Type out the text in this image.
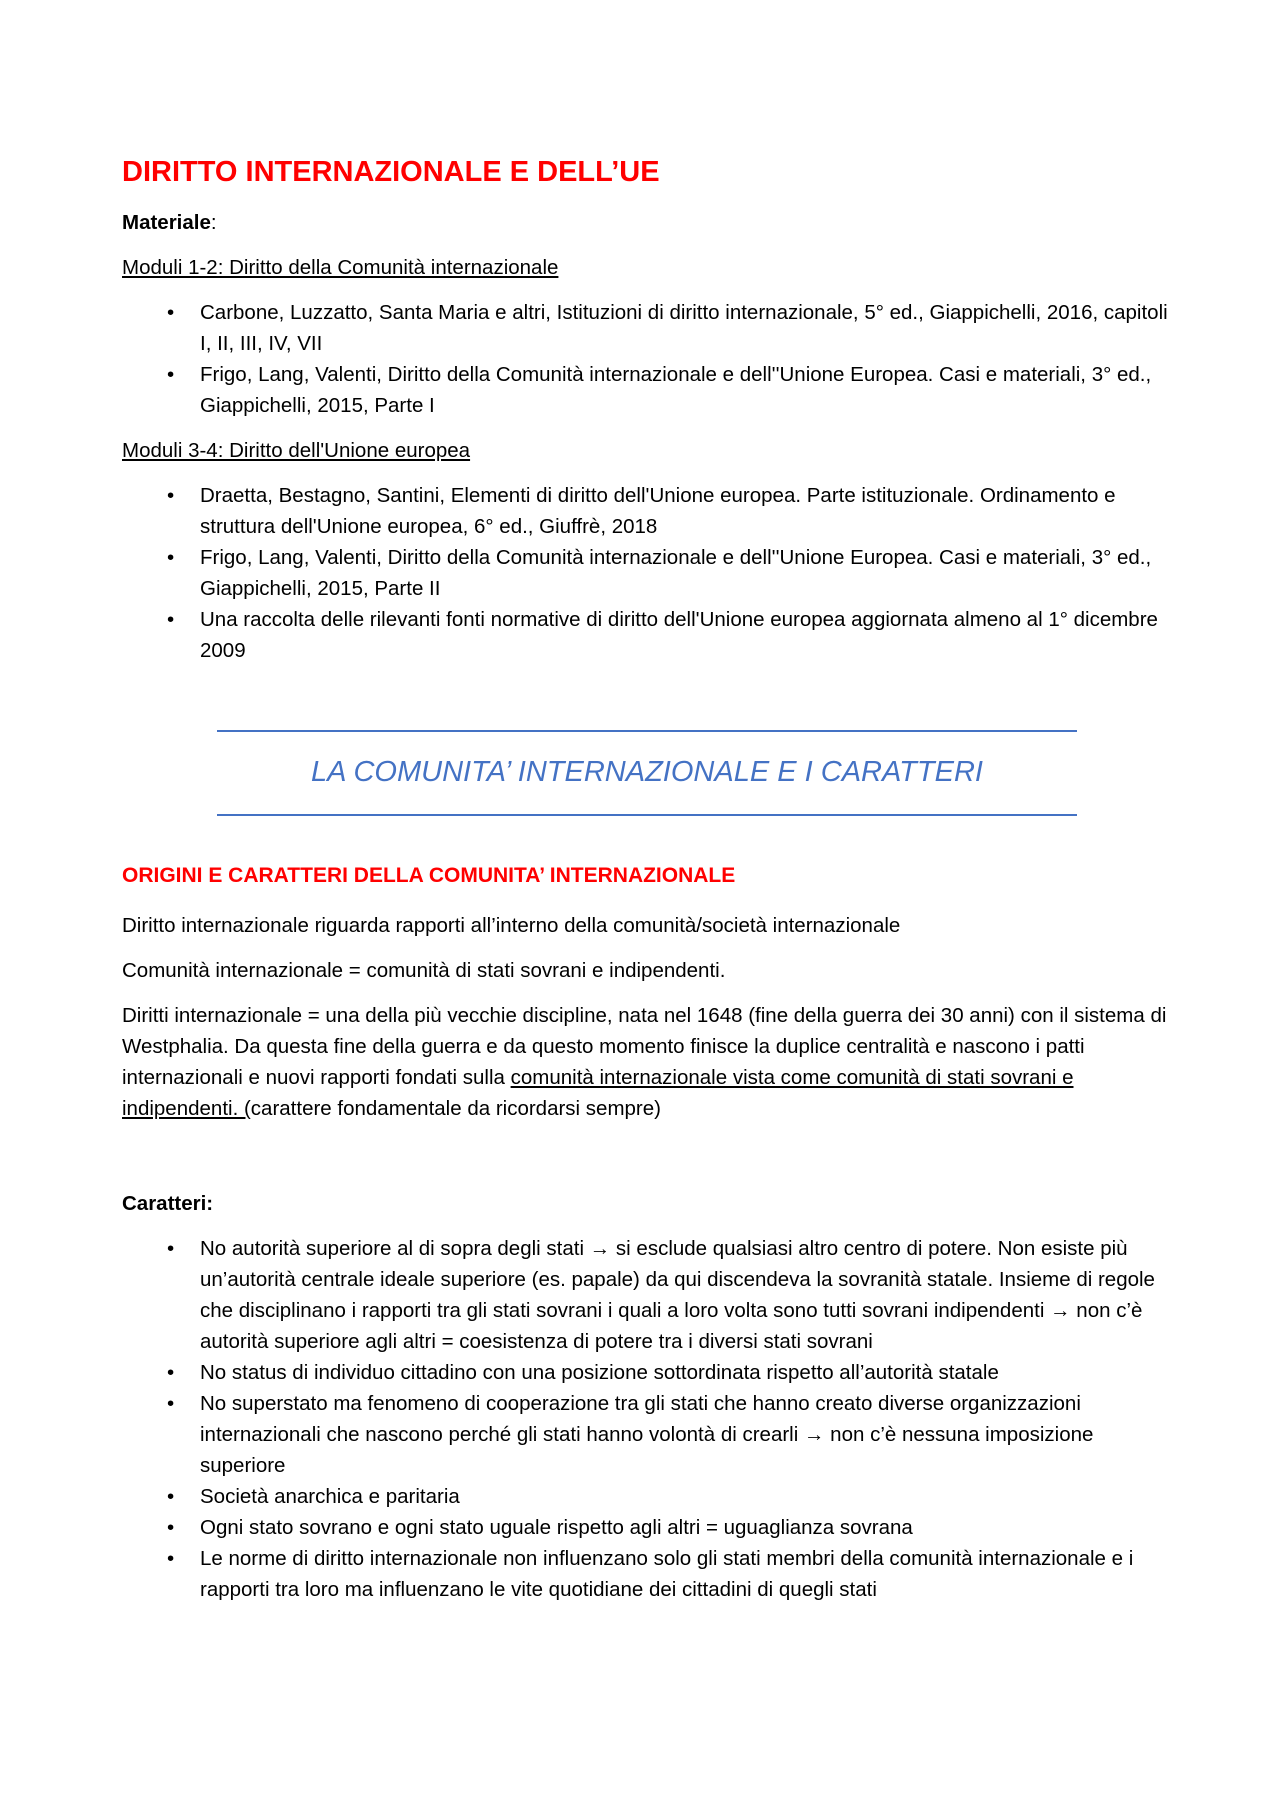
DIRITTO INTERNAZIONALE E DELL’UE
Materiale:
Moduli 1-2: Diritto della Comunità internazionale
• Carbone, Luzzatto, Santa Maria e altri, Istituzioni di diritto internazionale, 5° ed., Giappichelli, 2016, capitoli I, II, III, IV, VII
• Frigo, Lang, Valenti, Diritto della Comunità internazionale e dell''Unione Europea. Casi e materiali, 3° ed., Giappichelli, 2015, Parte I
Moduli 3-4: Diritto dell'Unione europea
• Draetta, Bestagno, Santini, Elementi di diritto dell'Unione europea. Parte istituzionale. Ordinamento e struttura dell'Unione europea, 6° ed., Giuffrè, 2018
• Frigo, Lang, Valenti, Diritto della Comunità internazionale e dell''Unione Europea. Casi e materiali, 3° ed., Giappichelli, 2015, Parte II
• Una raccolta delle rilevanti fonti normative di diritto dell'Unione europea aggiornata almeno al 1° dicembre 2009
LA COMUNITA’ INTERNAZIONALE E I CARATTERI
ORIGINI E CARATTERI DELLA COMUNITA’ INTERNAZIONALE
Diritto internazionale riguarda rapporti all’interno della comunità/società internazionale
Comunità internazionale = comunità di stati sovrani e indipendenti.
Diritti internazionale = una della più vecchie discipline, nata nel 1648 (fine della guerra dei 30 anni) con il sistema di Westphalia. Da questa fine della guerra e da questo momento finisce la duplice centralità e nascono i patti internazionali e nuovi rapporti fondati sulla comunità internazionale vista come comunità di stati sovrani e indipendenti. (carattere fondamentale da ricordarsi sempre)
Caratteri:
• No autorità superiore al di sopra degli stati → si esclude qualsiasi altro centro di potere. Non esiste più un’autorità centrale ideale superiore (es. papale) da qui discendeva la sovranità statale. Insieme di regole che disciplinano i rapporti tra gli stati sovrani i quali a loro volta sono tutti sovrani indipendenti → non c’è autorità superiore agli altri = coesistenza di potere tra i diversi stati sovrani
• No status di individuo cittadino con una posizione sottordinata rispetto all’autorità statale
• No superstato ma fenomeno di cooperazione tra gli stati che hanno creato diverse organizzazioni internazionali che nascono perché gli stati hanno volontà di crearli → non c’è nessuna imposizione superiore
• Società anarchica e paritaria
• Ogni stato sovrano e ogni stato uguale rispetto agli altri = uguaglianza sovrana
• Le norme di diritto internazionale non influenzano solo gli stati membri della comunità internazionale e i rapporti tra loro ma influenzano le vite quotidiane dei cittadini di quegli stati
